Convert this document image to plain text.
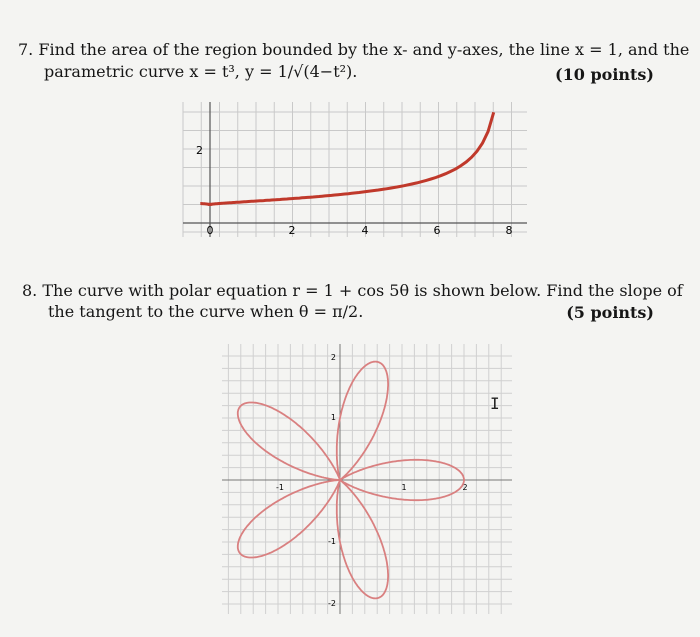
7. Find the area of the region bounded by the x- and y-axes, the line x = 1, and the
parametric curve x = t³, y = 1/√(4−t²).	(10 points)
0	2	4	6	8
2
8. The curve with polar equation r = 1 + cos 5θ is shown below. Find the slope of
the tangent to the curve when θ = π/2.	(5 points)
-1	1	2
2
1
-1
-2
I
